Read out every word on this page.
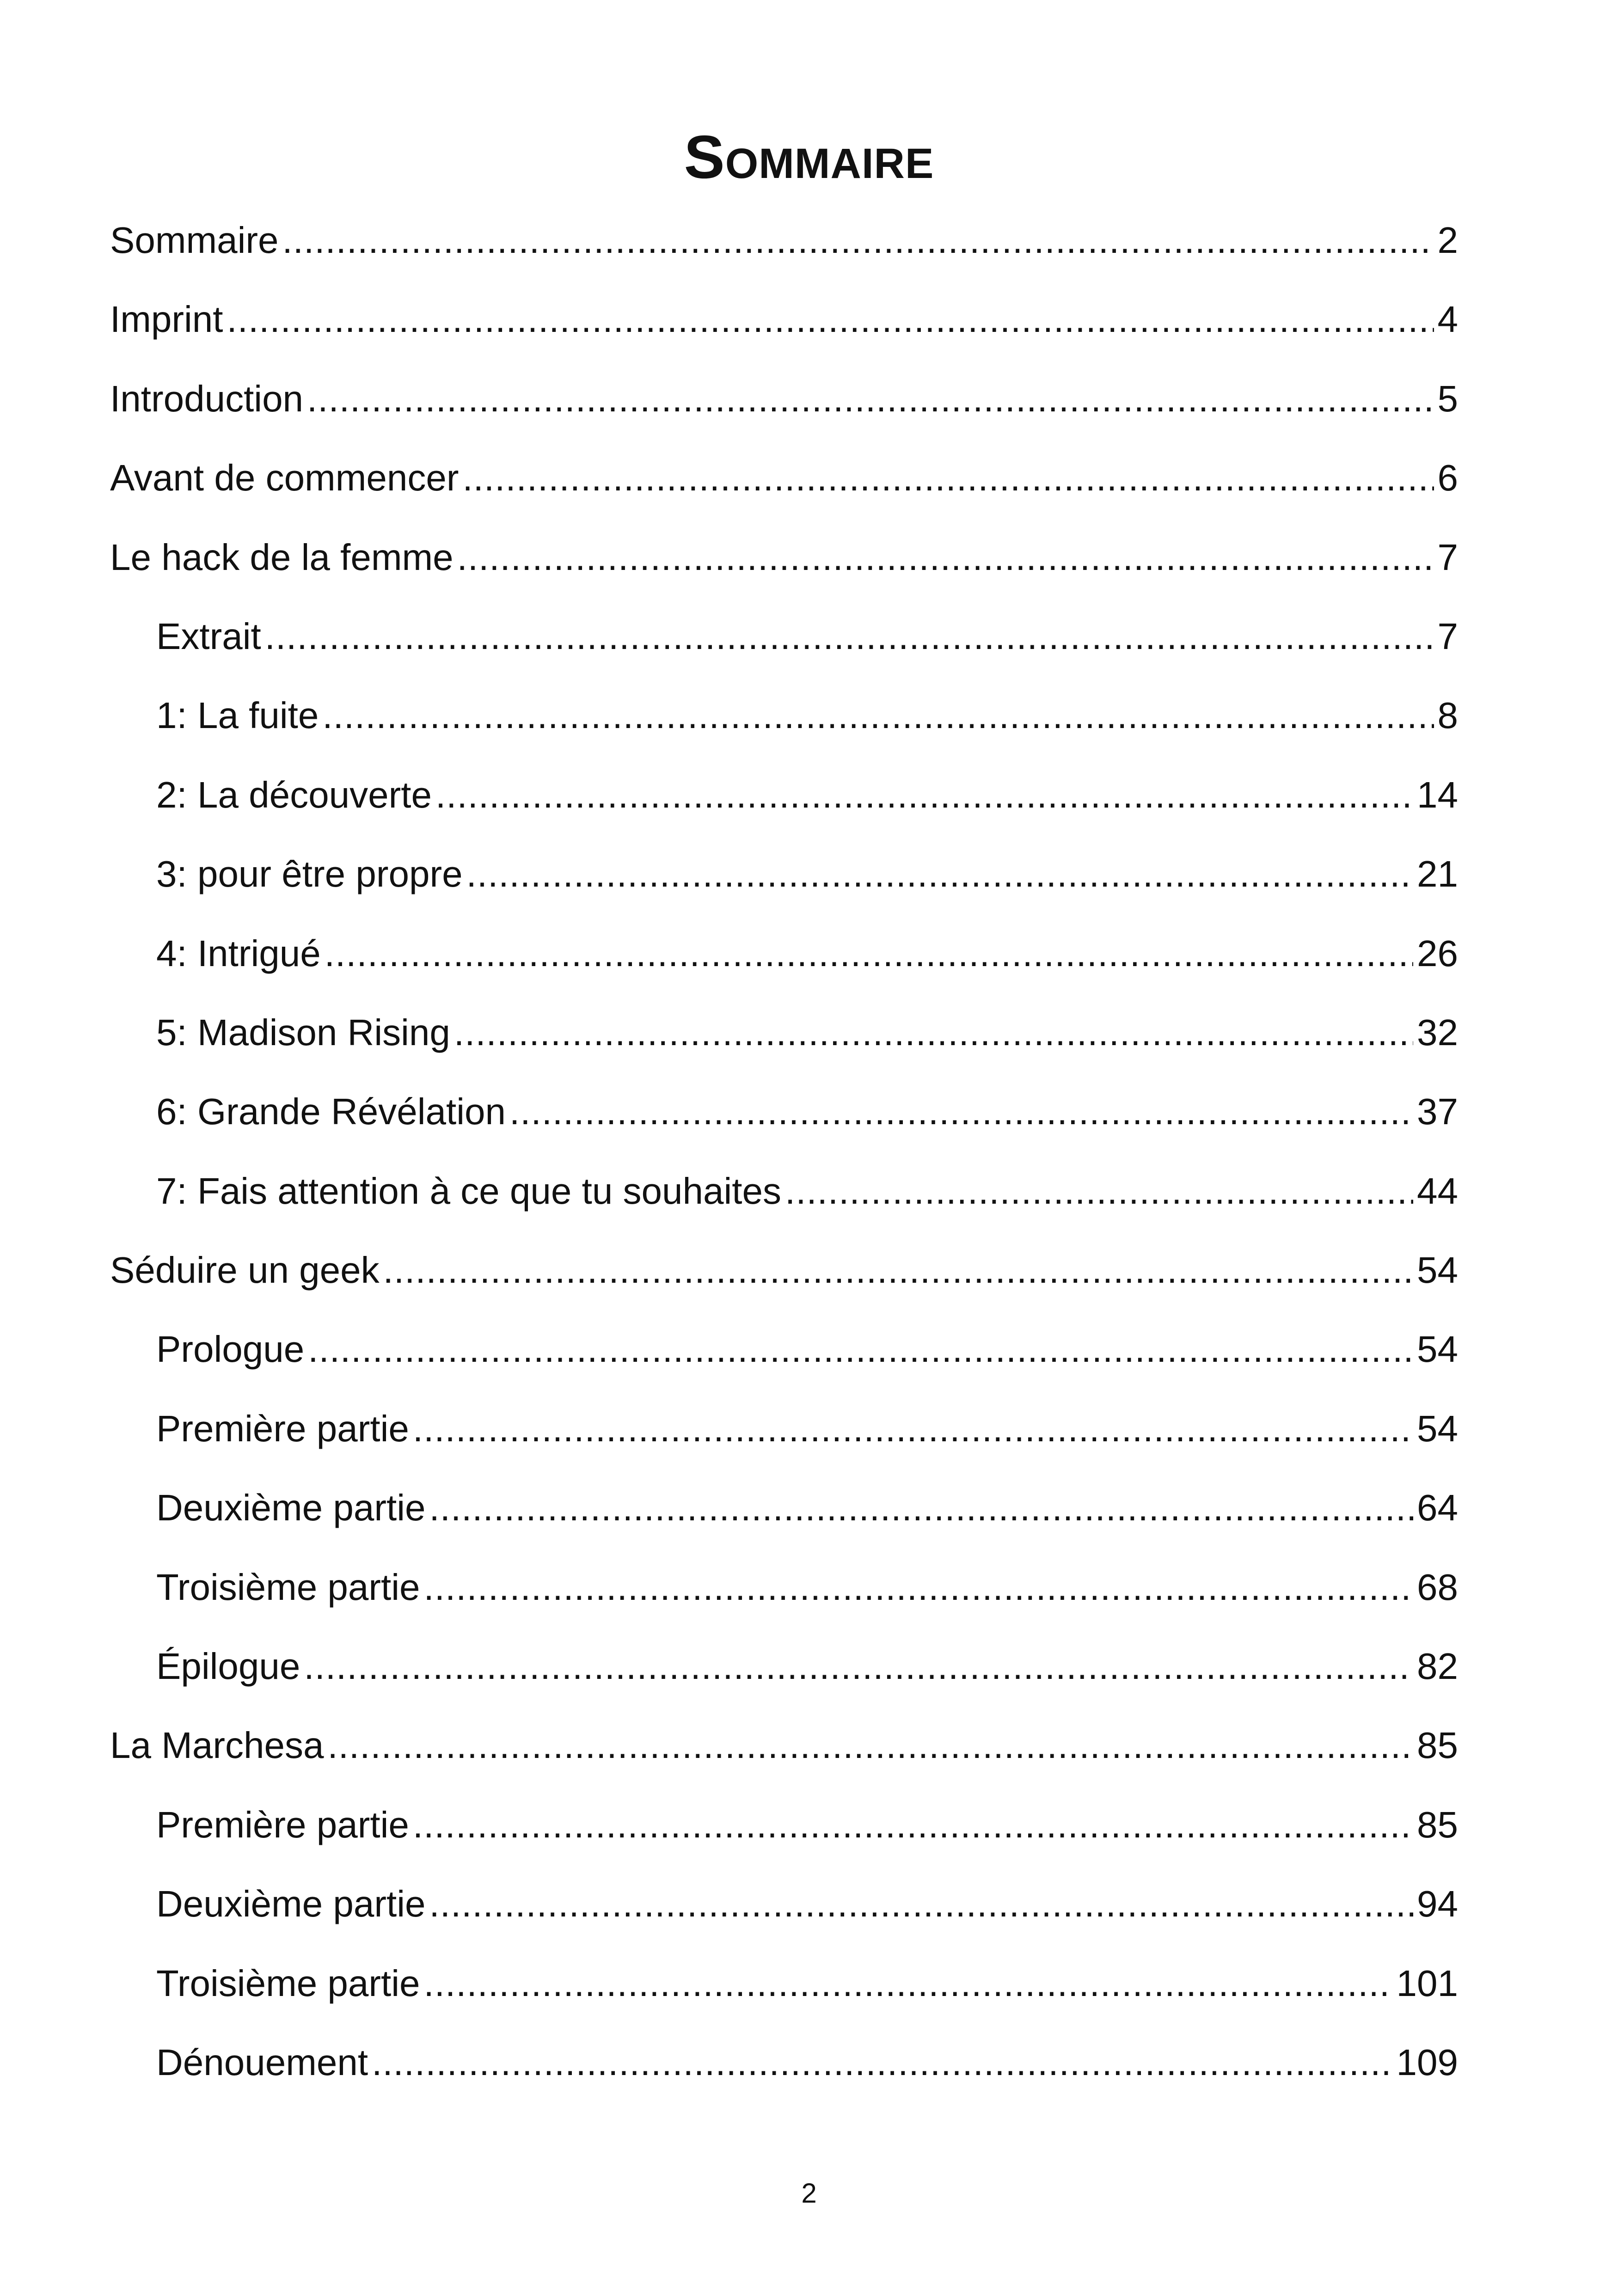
Sommaire
Sommaire .....	2
Imprint .....	4
Introduction .....	5
Avant de commencer .....	6
Le hack de la femme .....	7
Extrait .....	7
1: La fuite .....	8
2: La découverte .....	14
3: pour être propre .....	21
4: Intrigué .....	26
5: Madison Rising .....	32
6: Grande Révélation .....	37
7: Fais attention à ce que tu souhaites .....	44
Séduire un geek .....	54
Prologue .....	54
Première partie .....	54
Deuxième partie .....	64
Troisième partie .....	68
Épilogue .....	82
La Marchesa .....	85
Première partie .....	85
Deuxième partie .....	94
Troisième partie .....	101
Dénouement .....	109
2
